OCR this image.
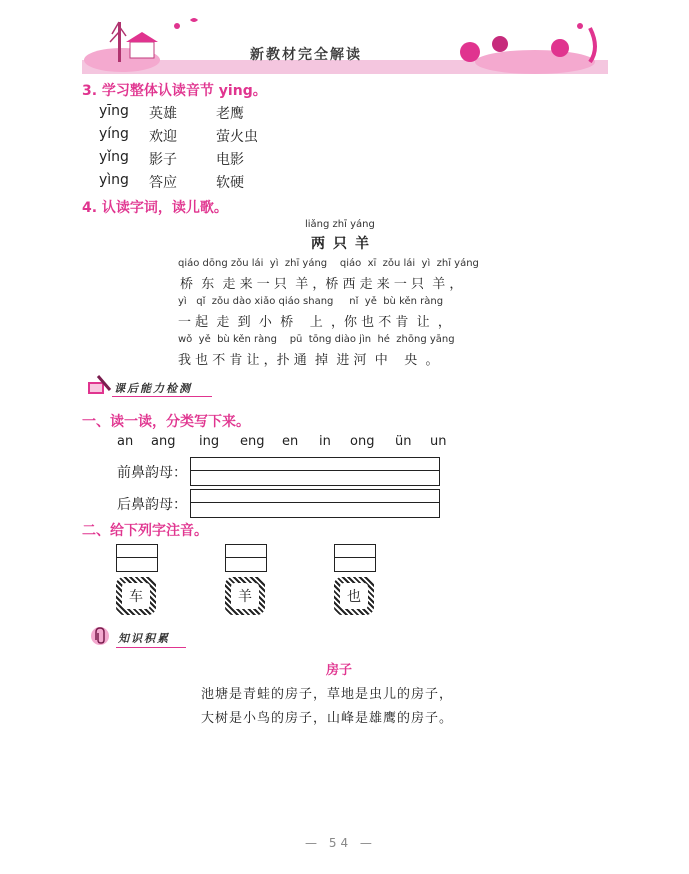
新教材完全解读
3. 学习整体认读音节 ying。
yīng 英雄	老鹰
yíng 欢迎	萤火虫
yǐng 影子	电影
yìng 答应	软硬
4. 认读字词，读儿歌。
liǎng zhī yáng
两只羊
qiáo dōng zǒu lái  yì  zhī yáng    qiáo  xī  zǒu lái  yì  zhī yáng
桥  东  走 来 一 只  羊 ，桥 西 走 来 一 只  羊 ，
yì   qǐ  zǒu dào xiǎo qiáo shang     nǐ  yě  bù kěn ràng
一 起  走  到  小  桥    上  ，你 也 不 肯  让  ，
wǒ  yě  bù kěn ràng    pū  tōng diào jìn  hé  zhōng yāng
我 也 不 肯 让 ，扑 通  掉  进 河  中    央  。
课后能力检测
一、读一读，分类写下来。
an ang ing eng en in ong ün un
前鼻韵母：
后鼻韵母：
二、给下列字注音。
车	羊	也
知识积累
房子
池塘是青蛙的房子，草地是虫儿的房子，
大树是小鸟的房子，山峰是雄鹰的房子。
— 54 —
